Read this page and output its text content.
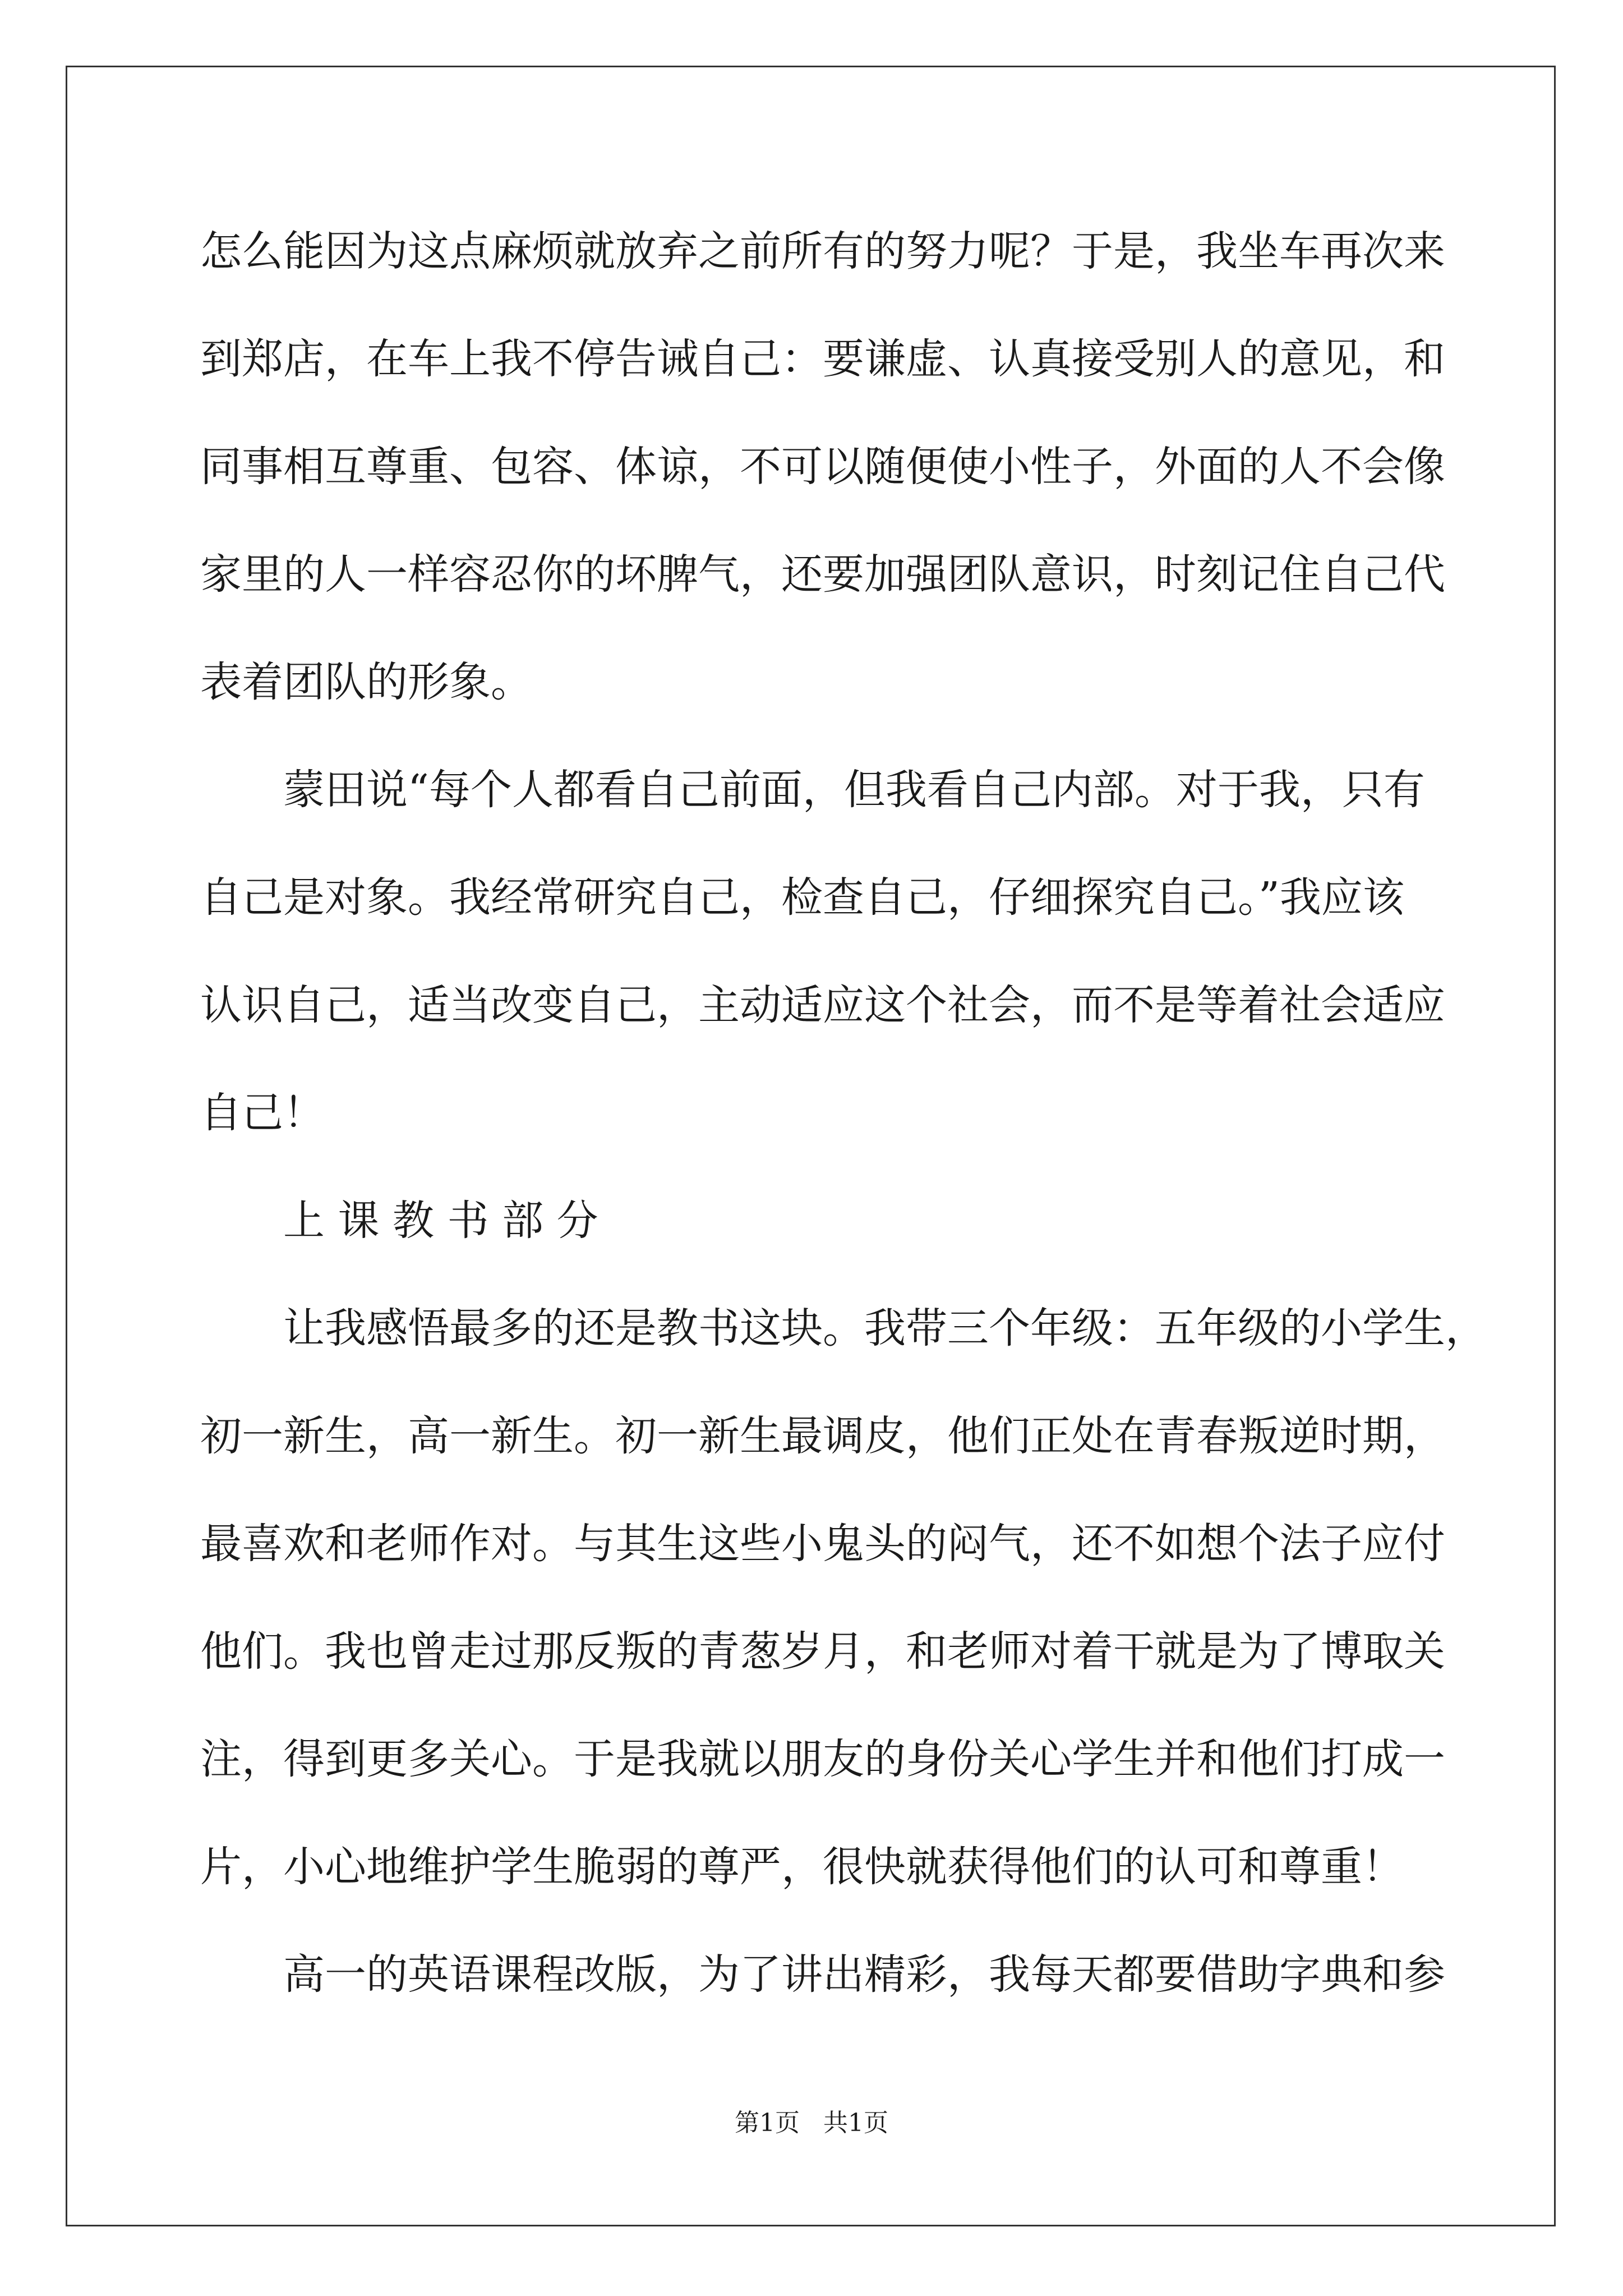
怎么能因为这点麻烦就放弃之前所有的努力呢？于是，我坐车再次来
到郑店，在车上我不停告诫自己：要谦虚、认真接受别人的意见，和
同事相互尊重、包容、体谅，不可以随便使小性子，外面的人不会像
家里的人一样容忍你的坏脾气，还要加强团队意识，时刻记住自己代
表着团队的形象。
蒙田说“每个人都看自己前面，但我看自己内部。对于我，只有
自己是对象。我经常研究自己，检查自己，仔细探究自己。”我应该
认识自己，适当改变自己，主动适应这个社会，而不是等着社会适应
自己！
上 课 教 书 部 分
让我感悟最多的还是教书这块。我带三个年级：五年级的小学生，
初一新生，高一新生。初一新生最调皮，他们正处在青春叛逆时期，
最喜欢和老师作对。与其生这些小鬼头的闷气，还不如想个法子应付
他们。我也曾走过那反叛的青葱岁月，和老师对着干就是为了博取关
注，得到更多关心。于是我就以朋友的身份关心学生并和他们打成一
片，小心地维护学生脆弱的尊严，很快就获得他们的认可和尊重！
高一的英语课程改版，为了讲出精彩，我每天都要借助字典和参
第1页   共1页
